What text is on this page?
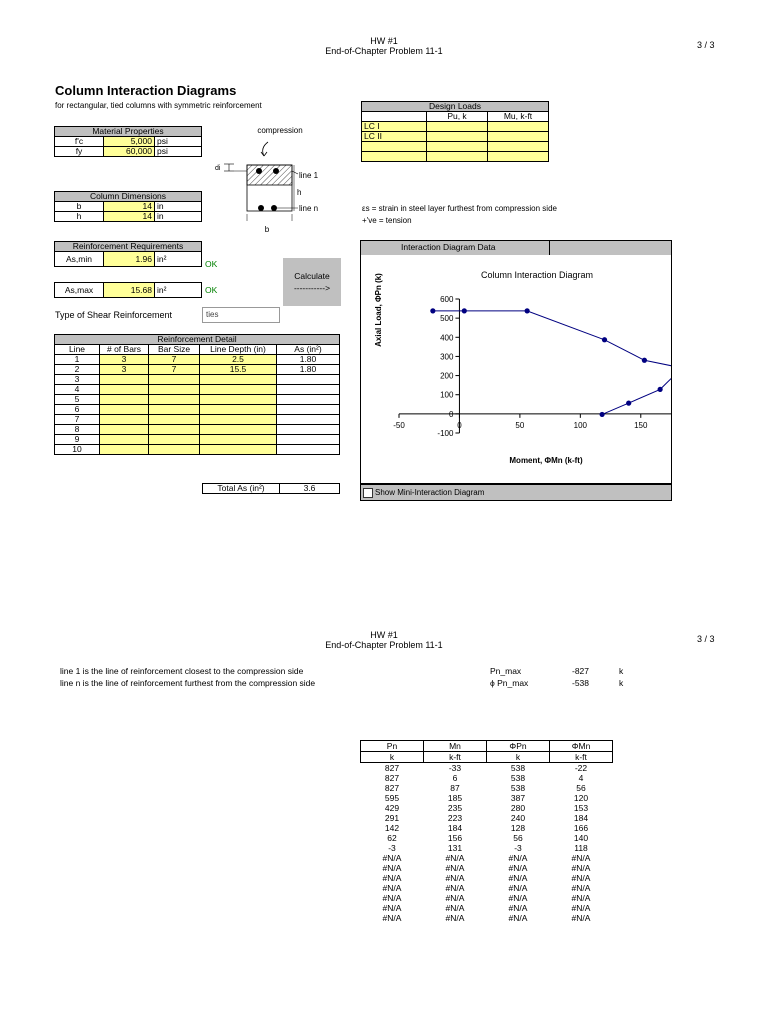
HW #1
End-of-Chapter Problem 11-1
3 / 3
Column Interaction Diagrams
for rectangular, tied columns with symmetric reinforcement
Material Properties		
f'c	5,000	psi
fy	60,000	psi
Column Dimensions		
b	14	in
h	14	in
Reinforcement Requirements
As,min	1.96	in²
OK
As,max	15.68	in²	OK
Calculate
----------->
Type of Shear Reinforcement	ties
Reinforcement Detail				
Line	# of Bars	Bar Size	Line Depth (in)	As (in²)
1	3	7	2.5	1.80
2	3	7	15.5	1.80
3				
4				
5				
6				
7				
8				
9				
10				
Total As (in²)	3.6
compression
line 1
h
line n
di
b
Design Loads		
	Pu, k	Mu, k-ft
LC I		
LC II		

εs = strain in steel layer furthest from compression side
+'ve = tension
Interaction Diagram Data
Column Interaction Diagram
Axial Load, ΦPn (k)
Moment, ΦMn (k-ft)
-100
0
100
200
300
400
500
600
-50	0	50	100	150
Show Mini-Interaction Diagram
HW #1
End-of-Chapter Problem 11-1
3 / 3
line 1 is the line of reinforcement closest to the compression side
line n is the line of reinforcement furthest from the compression side
Pn_max	-827	k
ϕ Pn_max	-538	k
Pn	Mn	ΦPn	ΦMn
k	k-ft	k	k-ft
827	-33	538	-22
827	6	538	4
827	87	538	56
595	185	387	120
429	235	280	153
291	223	240	184
142	184	128	166
62	156	56	140
-3	131	-3	118
#N/A	#N/A	#N/A	#N/A
#N/A	#N/A	#N/A	#N/A
#N/A	#N/A	#N/A	#N/A
#N/A	#N/A	#N/A	#N/A
#N/A	#N/A	#N/A	#N/A
#N/A	#N/A	#N/A	#N/A
#N/A	#N/A	#N/A	#N/A
